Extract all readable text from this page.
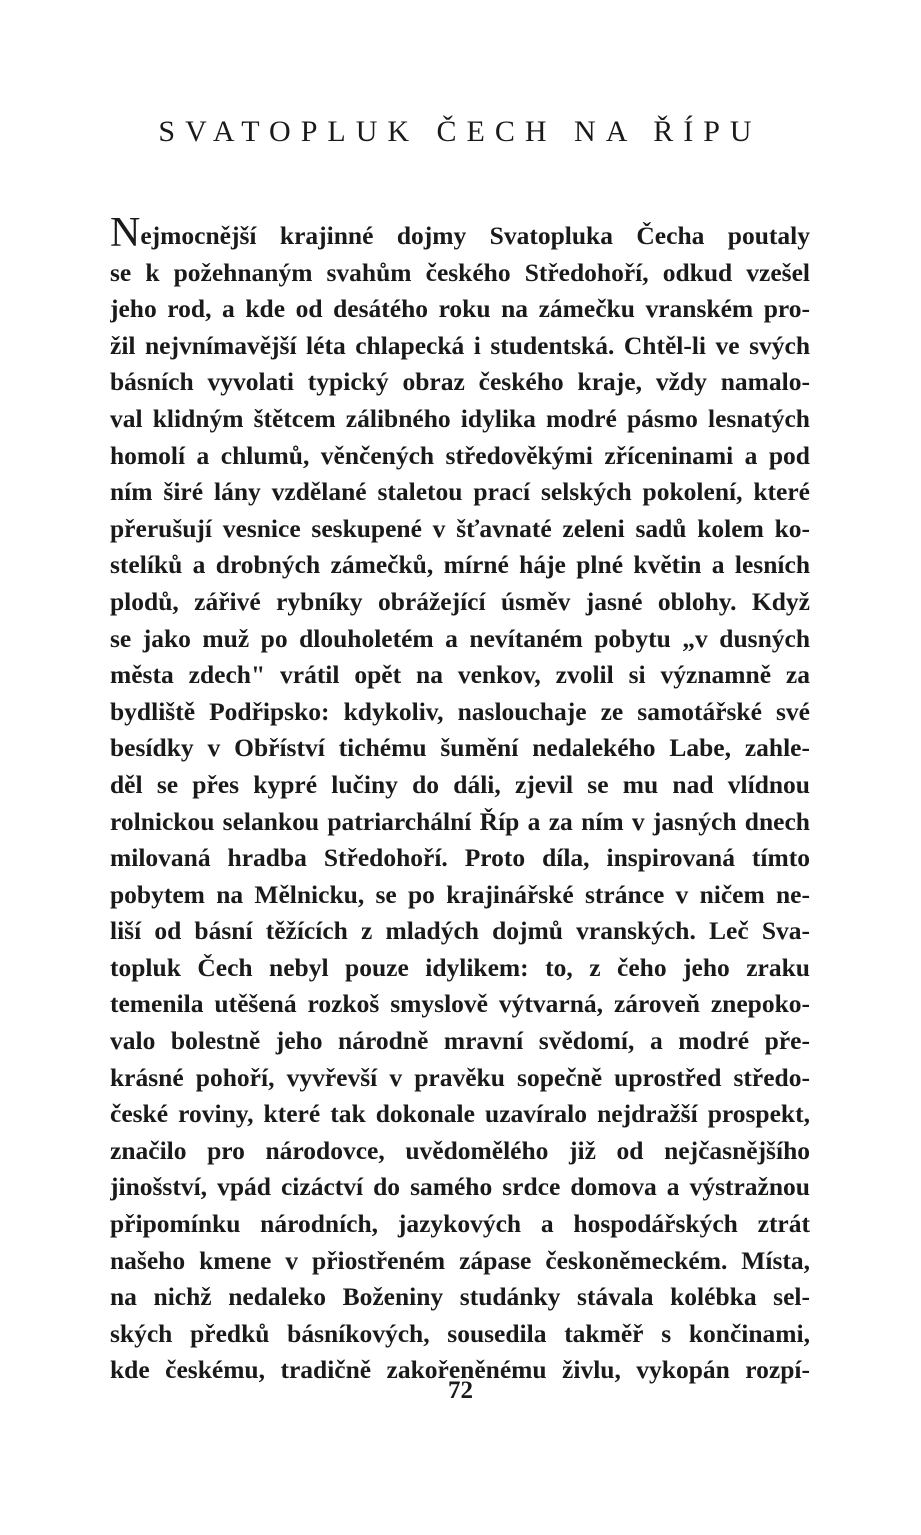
SVATOPLUK ČECH NA ŘÍPU
Nejmocnější krajinné dojmy Svatopluka Čecha poutaly
se k požehnaným svahům českého Středohoří, odkud vzešel
jeho rod, a kde od desátého roku na zámečku vranském pro-
žil nejvnímavější léta chlapecká i studentská. Chtěl-li ve svých
básních vyvolati typický obraz českého kraje, vždy namalo-
val klidným štětcem zálibného idylika modré pásmo lesnatých
homolí a chlumů, věnčených středověkými zříceninami a pod
ním širé lány vzdělané staletou prací selských pokolení, které
přerušují vesnice seskupené v šťavnaté zeleni sadů kolem ko-
stelíků a drobných zámečků, mírné háje plné květin a lesních
plodů, zářivé rybníky obrážející úsměv jasné oblohy. Když
se jako muž po dlouholetém a nevítaném pobytu „v dusných
města zdech" vrátil opět na venkov, zvolil si významně za
bydliště Podřipsko: kdykoliv, naslouchaje ze samotářské své
besídky v Obříství tichému šumění nedalekého Labe, zahle-
děl se přes kypré lučiny do dáli, zjevil se mu nad vlídnou
rolnickou selankou patriarchální Říp a za ním v jasných dnech
milovaná hradba Středohoří. Proto díla, inspirovaná tímto
pobytem na Mělnicku, se po krajinářské stránce v ničem ne-
liší od básní těžících z mladých dojmů vranských. Leč Sva-
topluk Čech nebyl pouze idylikem: to, z čeho jeho zraku
temenila utěšená rozkoš smyslově výtvarná, zároveň znepoko-
valo bolestně jeho národně mravní svědomí, a modré pře-
krásné pohoří, vyvřevší v pravěku sopečně uprostřed středo-
české roviny, které tak dokonale uzavíralo nejdražší prospekt,
značilo pro národovce, uvědomělého již od nejčasnějšího
jinošství, vpád cizáctví do samého srdce domova a výstražnou
připomínku národních, jazykových a hospodářských ztrát
našeho kmene v přiostřeném zápase českoněmeckém. Místa,
na nichž nedaleko Boženiny studánky stávala kolébka sel-
ských předků básníkových, sousedila takměř s končinami,
kde českému, tradičně zakořeněnému živlu, vykopán rozpí-
72
